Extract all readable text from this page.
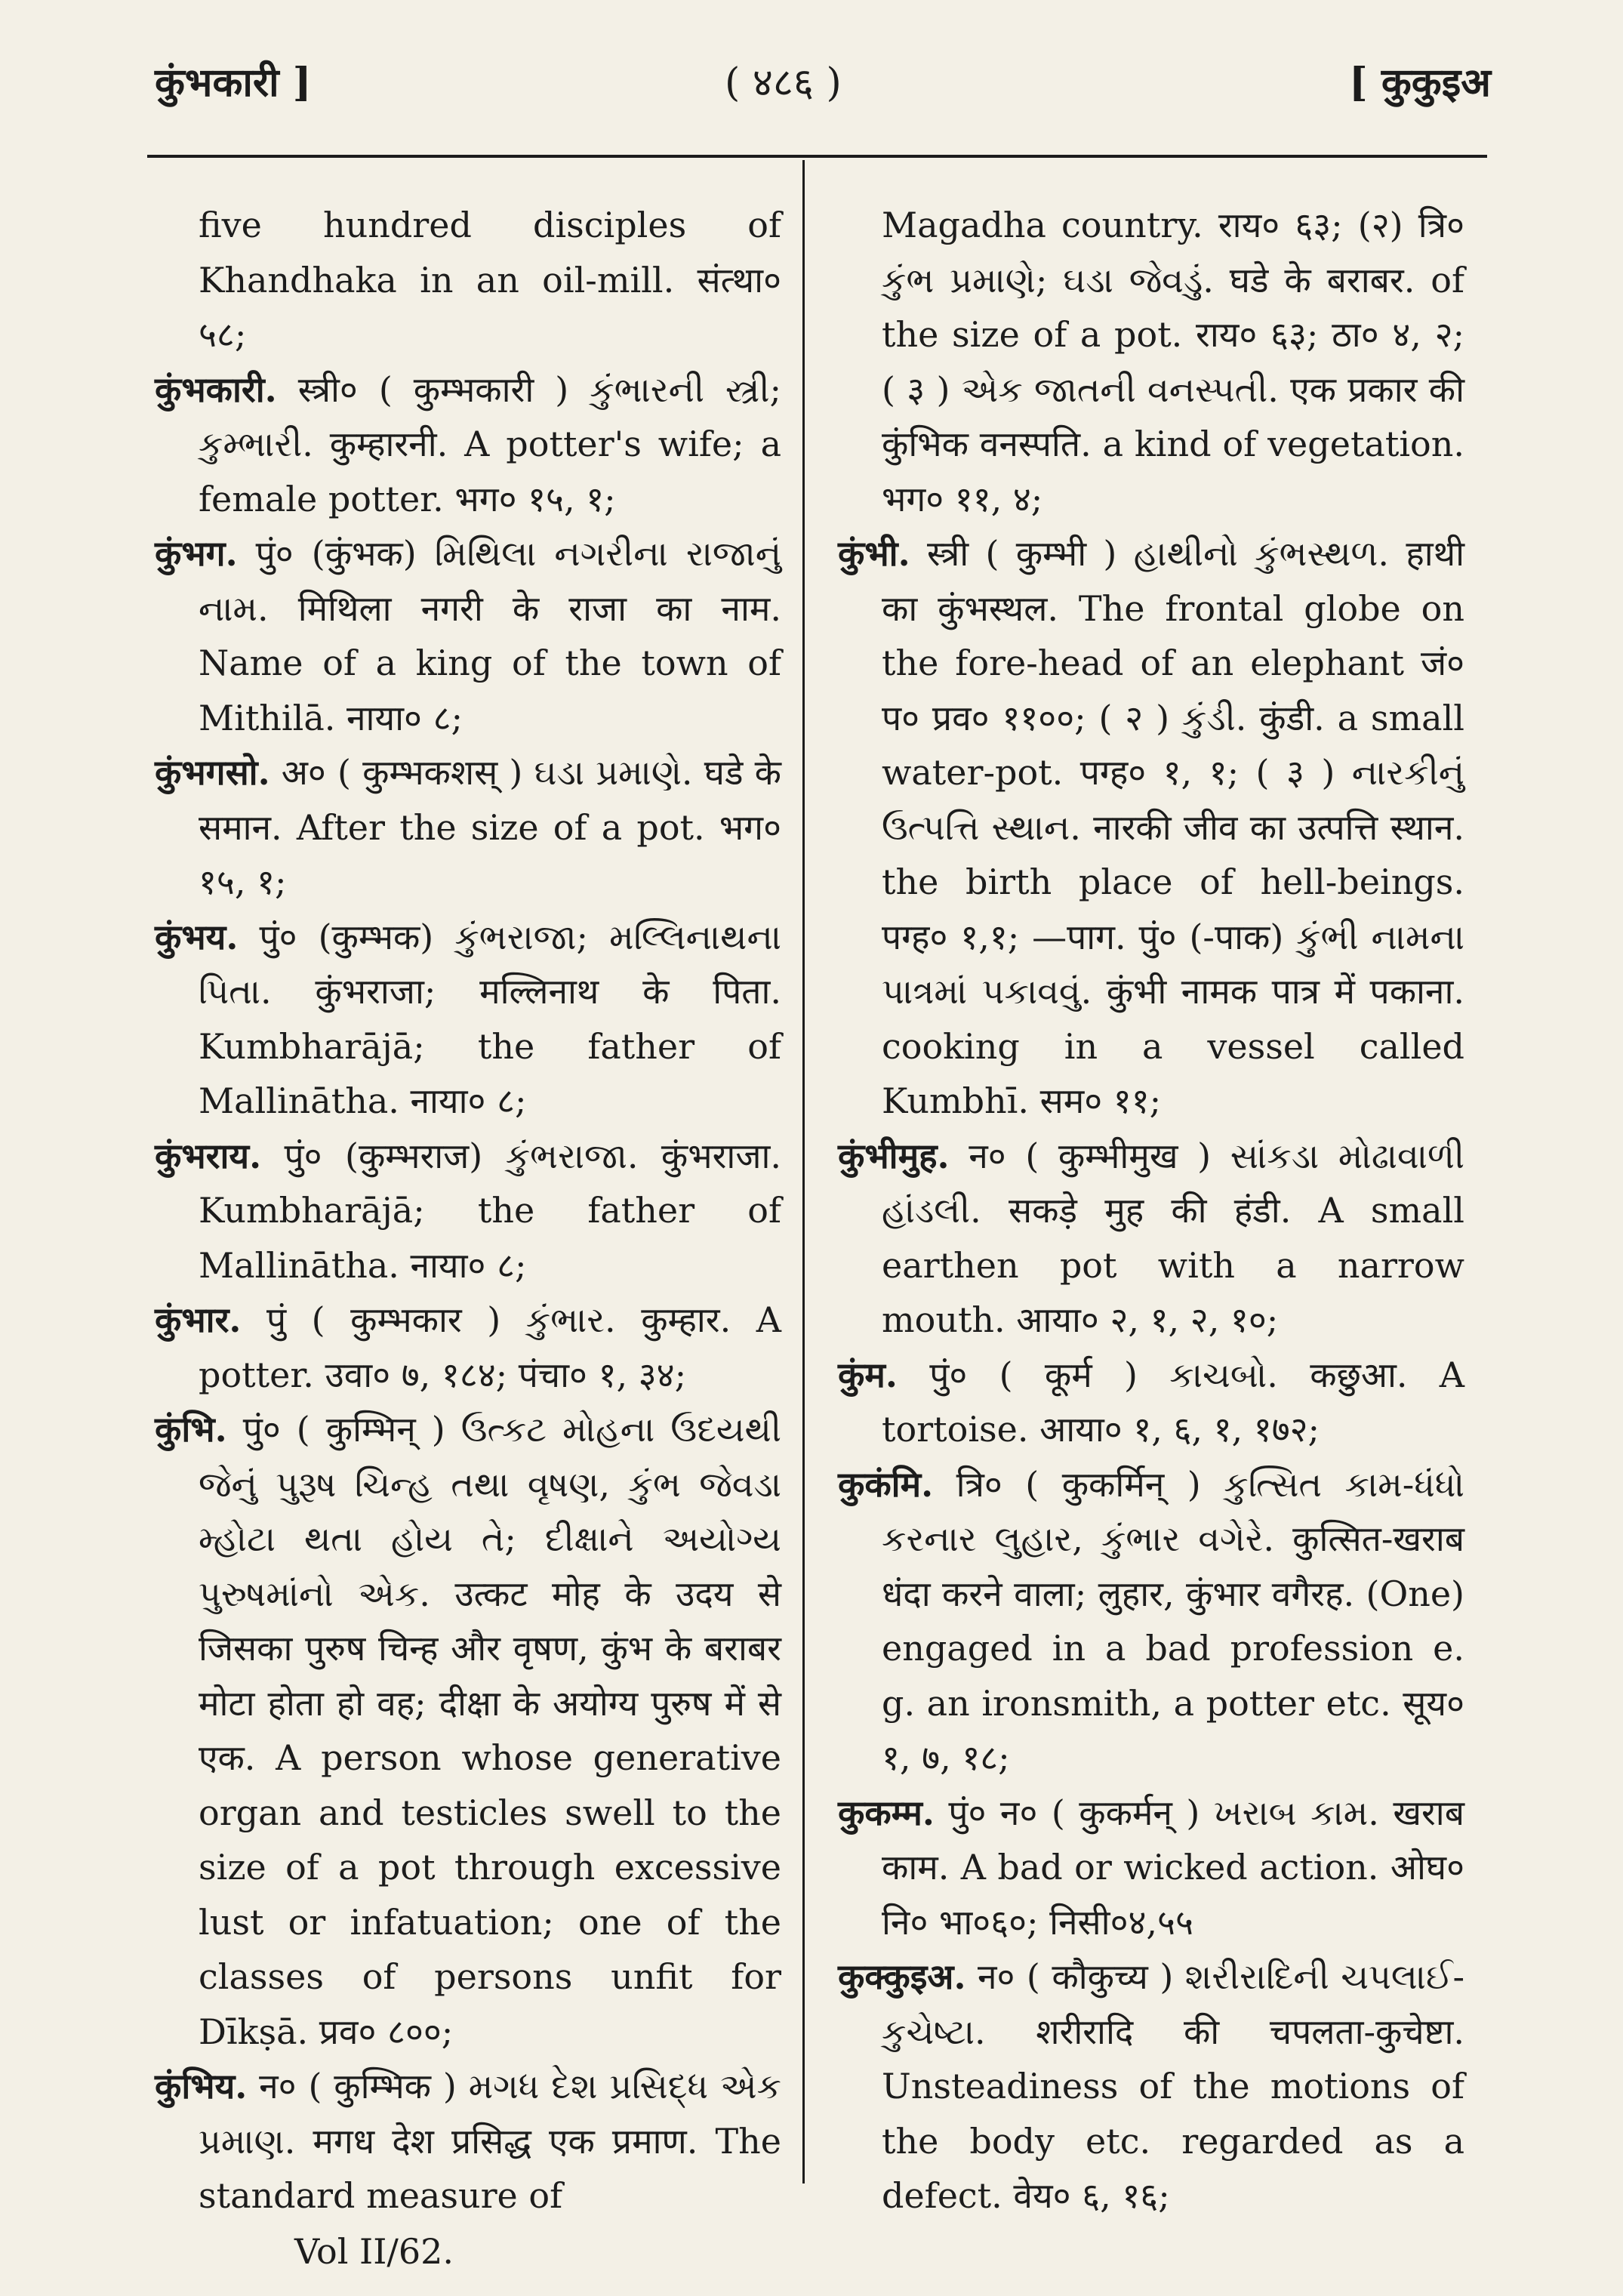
कुंभकारी ]	( ४८६ )	[ कुकुइअ

five hundred disciples of Khandhaka in an oil-mill. संत्था० ५८;

कुंभकारी. स्त्री० ( कुम्भकारी ) કુંભારની સ્ત્રી; કુમ્ભારી. कुम्हारनी. A potter's wife; a female potter. भग० १५, १;

कुंभग. पुं० (कुंभक) મિથિલા નગરીના રાજાનું નામ. मिथिला नगरी के राजा का नाम. Name of a king of the town of Mithilā. नाया० ८;

कुंभगसो. अ० ( कुम्भकशस् ) ઘડા પ્રમાણે. घडे के समान. After the size of a pot. भग० १५, १;

कुंभय. पुं० (कुम्भक) કુંભરાજા; મલ્લિનાથના પિતા. कुंभराजा; मल्लिनाथ के पिता. Kumbharājā; the father of Mallinātha. नाया० ८;

कुंभराय. पुं० (कुम्भराज) કુંભરાજા. कुंभराजा. Kumbharājā; the father of Mallinātha. नाया० ८;

कुंभार. पुं ( कुम्भकार ) કુંભાર. कुम्हार. A potter. उवा० ७, १८४; पंचा० १, ३४;

कुंभि. पुं० ( कुम्भिन् ) ઉત્કટ મોહના ઉદયથી જેનું પુરૂષ ચિન્હ તથા વૃષણ, કુંભ જેવડા મ્હોટા થતા હોય તે; દીક્ષાને અયોગ્ય પુરુષમાંનો એક. उत्कट मोह के उदय से जिसका पुरुष चिन्ह और वृषण, कुंभ के बराबर मोटा होता हो वह; दीक्षा के अयोग्य पुरुष में से एक. A person whose generative organ and testicles swell to the size of a pot through excessive lust or infatuation; one of the classes of persons unfit for Dīkṣā. प्रव० ८००;

कुंभिय. न० ( कुम्भिक ) મગધ દેશ પ્રસિદ્ધ એક પ્રમાણ. मगध देश प्रसिद्ध एक प्रमाण. The standard measure of

Magadha country. राय० ६३; (२) त्रि० કુંભ પ્રમાણે; ઘડા જેવડું. घडे के बराबर. of the size of a pot. राय० ६३; ठा० ४, २; ( ३ ) એક જાતની વનસ્પતી. एक प्रकार की कुंभिक वनस्पति. a kind of vegetation. भग० ११, ४;

कुंभी. स्त्री ( कुम्भी ) હાથીનો કુંભસ્થળ. हाथी का कुंभस्थल. The frontal globe on the fore-head of an elephant जं० प० प्रव० ११००; ( २ ) કુંડી. कुंडी. a small water-pot. पग्ह० १, १; ( ३ ) નારકીનું ઉત્પત્તિ સ્થાન. नारकी जीव का उत्पत्ति स्थान. the birth place of hell-beings. पग्ह० १,१; —पाग. पुं० (-पाक) કુંભી નામના પાત્રમાં પકાવવું. कुंभी नामक पात्र में पकाना. cooking in a vessel called Kumbhī. सम० ११;

कुंभीमुह. न० ( कुम्भीमुख ) સાંકડા મોઢાવાળી હાંડલી. सकड़े मुह की हंडी. A small earthen pot with a narrow mouth. आया० २, १, २, १०;

कुंम. पुं० ( कूर्म ) કાચબો. कछुआ. A tortoise. आया० १, ६, १, १७२;

कुकंमि. त्रि० ( कुकर्मिन् ) કુત્સિત કામ-ધંધો કરનાર લુહાર, કુંભાર વગેરે. कुत्सित-खराब धंदा करने वाला; लुहार, कुंभार वगैरह. (One) engaged in a bad profession e. g. an ironsmith, a potter etc. सूय० १, ७, १८;

कुकम्म. पुं० न० ( कुकर्मन् ) ખરાબ કામ. खराब काम. A bad or wicked action. ओघ० नि० भा०६०; निसी०४,५५

कुक्कुइअ. न० ( कौकुच्य ) શરીરાદિની ચપલાઈ-કુચેષ્ટા. शरीरादि की चपलता-कुचेष्टा. Unsteadiness of the motions of the body etc. regarded as a defect. वेय० ६, १६;

Vol II/62.
